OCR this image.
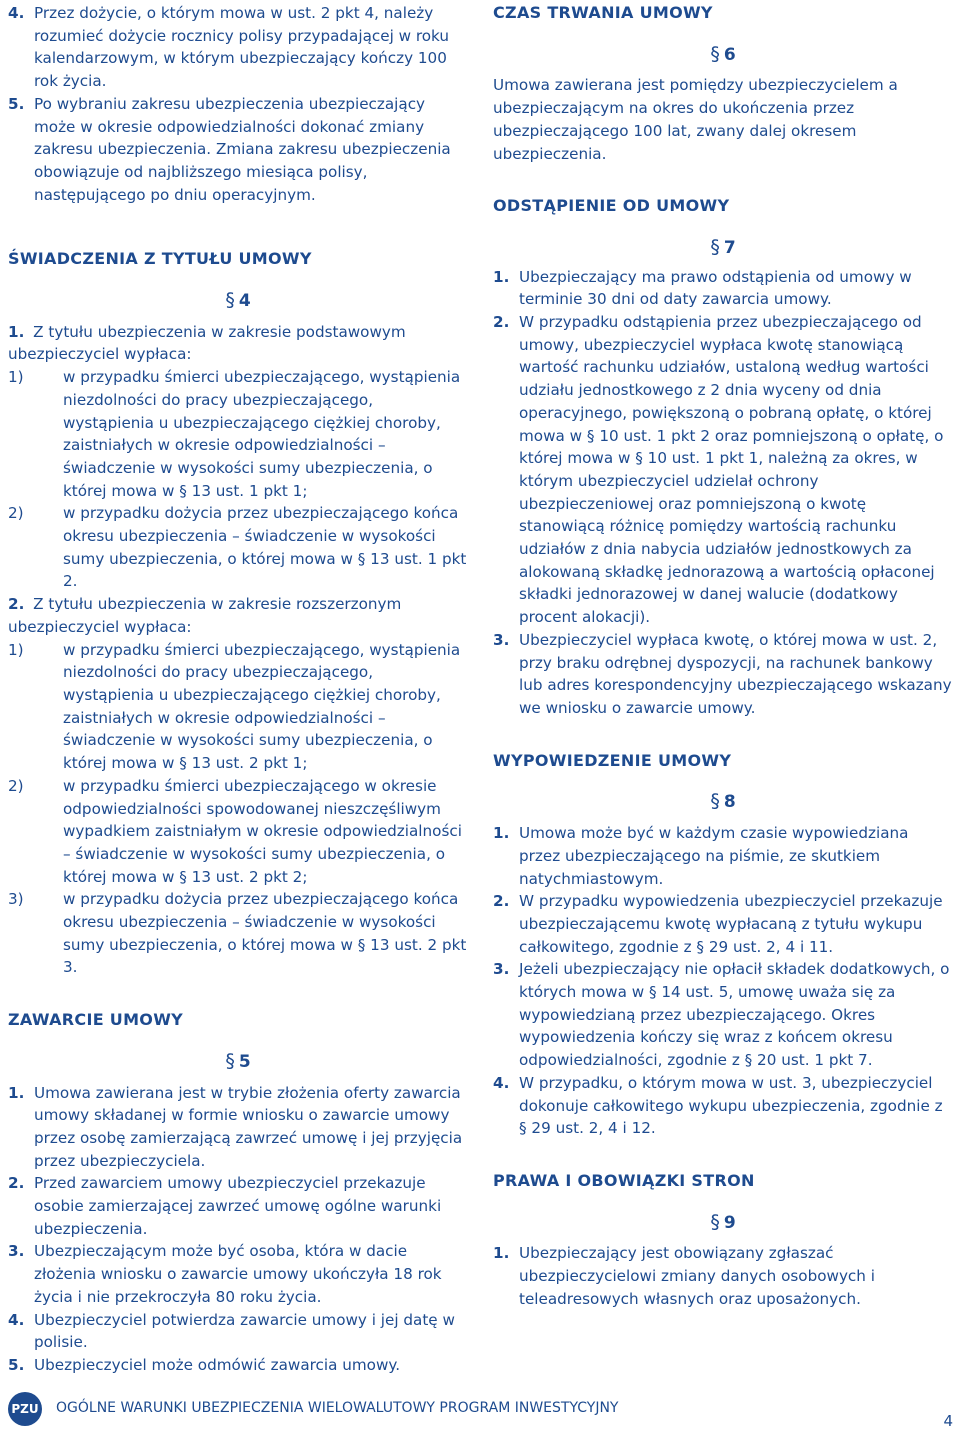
4. Przez dożycie, o którym mowa w ust. 2 pkt 4, należy rozumieć dożycie rocznicy polisy przypadającej w roku kalendarzowym, w którym ubezpieczający kończy 100 rok życia.
5. Po wybraniu zakresu ubezpieczenia ubezpieczający może w okresie odpowiedzialności dokonać zmiany zakresu ubezpieczenia. Zmiana zakresu ubezpieczenia obowiązuje od najbliższego miesiąca polisy, następującego po dniu operacyjnym.
ŚWIADCZENIA Z TYTUŁU UMOWY

§ 4

1. Z tytułu ubezpieczenia w zakresie podstawowym ubezpieczyciel wypłaca:
1)	w przypadku śmierci ubezpieczającego, wystąpienia niezdolności do pracy ubezpieczającego, wystąpienia u ubezpieczającego ciężkiej choroby, zaistniałych w okresie odpowiedzialności – świadczenie w wysokości sumy ubezpieczenia, o której mowa w § 13 ust. 1 pkt 1;
2)	w przypadku dożycia przez ubezpieczającego końca okresu ubezpieczenia – świadczenie w wysokości sumy ubezpieczenia, o której mowa w § 13 ust. 1 pkt 2.
2. Z tytułu ubezpieczenia w zakresie rozszerzonym ubezpieczyciel wypłaca:
1)	w przypadku śmierci ubezpieczającego, wystąpienia niezdolności do pracy ubezpieczającego, wystąpienia u ubezpieczającego ciężkiej choroby, zaistniałych w okresie odpowiedzialności – świadczenie w wysokości sumy ubezpieczenia, o której mowa w § 13 ust. 2 pkt 1;
2)	w przypadku śmierci ubezpieczającego w okresie odpowiedzialności spowodowanej nieszczęśliwym wypadkiem zaistniałym w okresie odpowiedzialności – świadczenie w wysokości sumy ubezpieczenia, o której mowa w § 13 ust. 2 pkt 2;
3)	w przypadku dożycia przez ubezpieczającego końca okresu ubezpieczenia – świadczenie w wysokości sumy ubezpieczenia, o której mowa w § 13 ust. 2 pkt 3.
ZAWARCIE UMOWY

§ 5

1. Umowa zawierana jest w trybie złożenia oferty zawarcia umowy składanej w formie wniosku o zawarcie umowy przez osobę zamierzającą zawrzeć umowę i jej przyjęcia przez ubezpieczyciela.
2. Przed zawarciem umowy ubezpieczyciel przekazuje osobie zamierzającej zawrzeć umowę ogólne warunki ubezpieczenia.
3. Ubezpieczającym może być osoba, która w dacie złożenia wniosku o zawarcie umowy ukończyła 18 rok życia i nie przekroczyła 80 roku życia.
4. Ubezpieczyciel potwierdza zawarcie umowy i jej datę w polisie.
5. Ubezpieczyciel może odmówić zawarcia umowy.
CZAS TRWANIA UMOWY

§ 6

Umowa zawierana jest pomiędzy ubezpieczycielem a ubezpieczającym na okres do ukończenia przez ubezpieczającego 100 lat, zwany dalej okresem ubezpieczenia.

ODSTĄPIENIE OD UMOWY

§ 7

1. Ubezpieczający ma prawo odstąpienia od umowy w terminie 30 dni od daty zawarcia umowy.
2. W przypadku odstąpienia przez ubezpieczającego od umowy, ubezpieczyciel wypłaca kwotę stanowiącą wartość rachunku udziałów, ustaloną według wartości udziału jednostkowego z 2 dnia wyceny od dnia operacyjnego, powiększoną o pobraną opłatę, o której mowa w § 10 ust. 1 pkt 2 oraz pomniejszoną o opłatę, o której mowa w § 10 ust. 1 pkt 1, należną za okres, w którym ubezpieczyciel udzielał ochrony ubezpieczeniowej oraz pomniejszoną o kwotę stanowiącą różnicę pomiędzy wartością rachunku udziałów z dnia nabycia udziałów jednostkowych za alokowaną składkę jednorazową a wartością opłaconej składki jednorazowej w danej walucie (dodatkowy procent alokacji).
3. Ubezpieczyciel wypłaca kwotę, o której mowa w ust. 2, przy braku odrębnej dyspozycji, na rachunek bankowy lub adres korespondencyjny ubezpieczającego wskazany we wniosku o zawarcie umowy.
WYPOWIEDZENIE UMOWY

§ 8

1. Umowa może być w każdym czasie wypowiedziana przez ubezpieczającego na piśmie, ze skutkiem natychmiastowym.
2. W przypadku wypowiedzenia ubezpieczyciel przekazuje ubezpieczającemu kwotę wypłacaną z tytułu wykupu całkowitego, zgodnie z § 29 ust. 2, 4 i 11.
3. Jeżeli ubezpieczający nie opłacił składek dodatkowych, o których mowa w § 14 ust. 5, umowę uważa się za wypowiedzianą przez ubezpieczającego. Okres wypowiedzenia kończy się wraz z końcem okresu odpowiedzialności, zgodnie z § 20 ust. 1 pkt 7.
4. W przypadku, o którym mowa w ust. 3, ubezpieczyciel dokonuje całkowitego wykupu ubezpieczenia, zgodnie z § 29 ust. 2, 4 i 12.
PRAWA I OBOWIĄZKI STRON

§ 9

1. Ubezpieczający jest obowiązany zgłaszać ubezpieczycielowi zmiany danych osobowych i teleadresowych własnych oraz uposażonych.
PZU OGÓLNE WARUNKI UBEZPIECZENIA WIELOWALUTOWY PROGRAM INWESTYCYJNY
4
